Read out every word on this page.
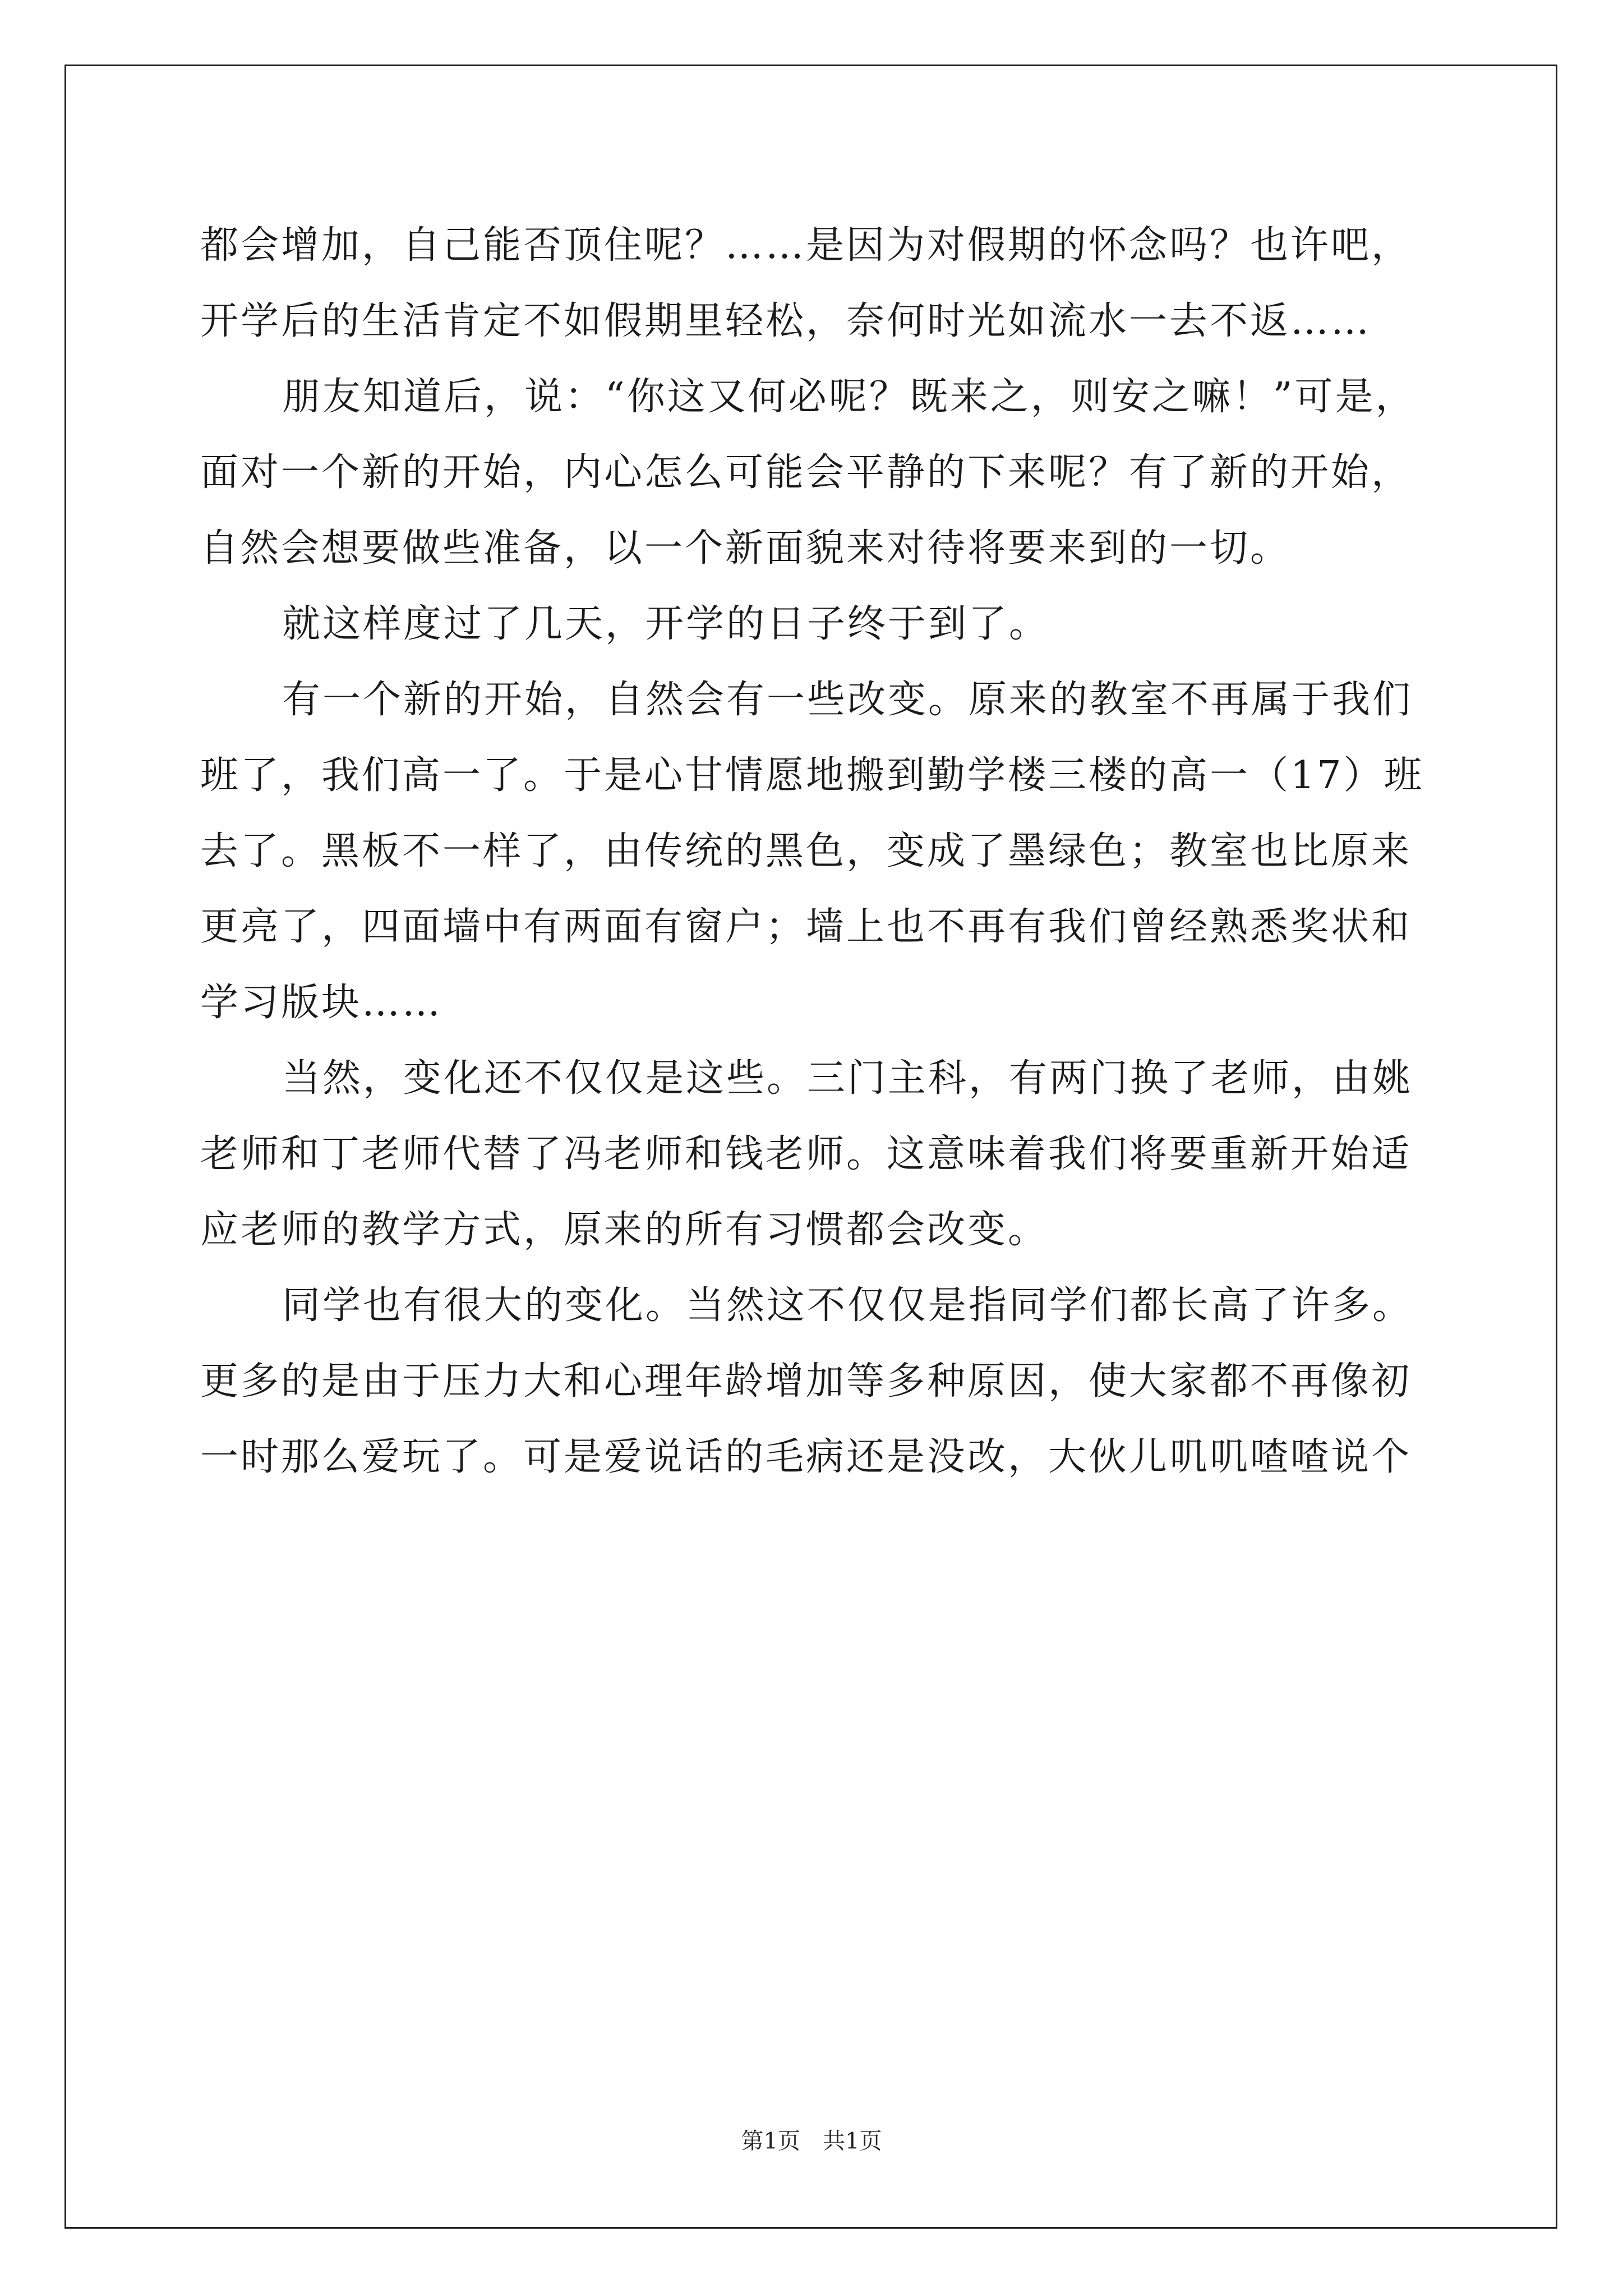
都会增加，自己能否顶住呢？……是因为对假期的怀念吗？也许吧，
开学后的生活肯定不如假期里轻松，奈何时光如流水一去不返……
朋友知道后，说：“你这又何必呢？既来之，则安之嘛！”可是，
面对一个新的开始，内心怎么可能会平静的下来呢？有了新的开始，
自然会想要做些准备，以一个新面貌来对待将要来到的一切。
就这样度过了几天，开学的日子终于到了。
有一个新的开始，自然会有一些改变。原来的教室不再属于我们
班了，我们高一了。于是心甘情愿地搬到勤学楼三楼的高一（17）班
去了。黑板不一样了，由传统的黑色，变成了墨绿色；教室也比原来
更亮了，四面墙中有两面有窗户；墙上也不再有我们曾经熟悉奖状和
学习版块……
当然，变化还不仅仅是这些。三门主科，有两门换了老师，由姚
老师和丁老师代替了冯老师和钱老师。这意味着我们将要重新开始适
应老师的教学方式，原来的所有习惯都会改变。
同学也有很大的变化。当然这不仅仅是指同学们都长高了许多。
更多的是由于压力大和心理年龄增加等多种原因，使大家都不再像初
一时那么爱玩了。可是爱说话的毛病还是没改，大伙儿叽叽喳喳说个
第1页　共1页
